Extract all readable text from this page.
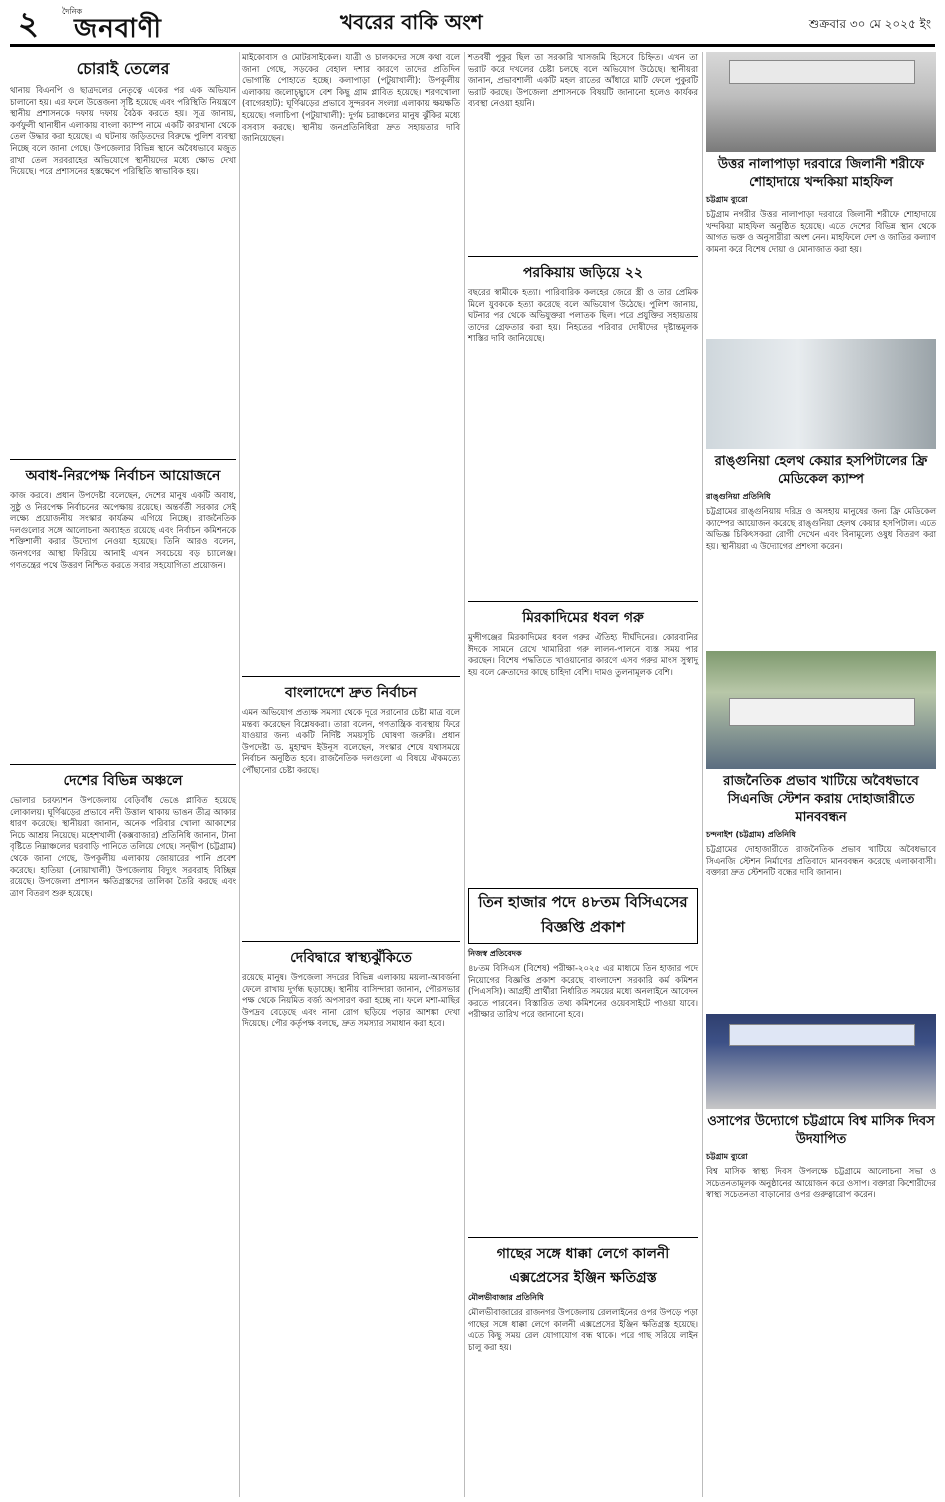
২	দৈনিক
জনবাণী	খবরের বাকি অংশ	শুক্রবার ৩০ মে ২০২৫ ইং
চোরাই তেলের

থানায় বিএনপি ও ছাত্রদলের নেতৃত্বে একের পর এক অভিযান চালানো হয়। এর ফলে উত্তেজনা সৃষ্টি হয়েছে এবং পরিস্থিতি নিয়ন্ত্রণে স্থানীয় প্রশাসনকে দফায় দফায় বৈঠক করতে হয়। সূত্র জানায়, কর্ণফুলী থানাধীন এলাকায় বাংলা ক্যাম্প নামে একটি কারখানা থেকে তেল উদ্ধার করা হয়েছে। এ ঘটনায় জড়িতদের বিরুদ্ধে পুলিশ ব্যবস্থা নিচ্ছে বলে জানা গেছে। উপজেলার বিভিন্ন স্থানে অবৈধভাবে মজুত রাখা তেল সরবরাহের অভিযোগে স্থানীয়দের মধ্যে ক্ষোভ দেখা দিয়েছে। পরে প্রশাসনের হস্তক্ষেপে পরিস্থিতি স্বাভাবিক হয়।

অবাধ-নিরপেক্ষ নির্বাচন আয়োজনে

কাজ করবে। প্রধান উপদেষ্টা বলেছেন, দেশের মানুষ একটি অবাধ, সুষ্ঠু ও নিরপেক্ষ নির্বাচনের অপেক্ষায় রয়েছে। অন্তর্বর্তী সরকার সেই লক্ষ্যে প্রয়োজনীয় সংস্কার কার্যক্রম এগিয়ে নিচ্ছে। রাজনৈতিক দলগুলোর সঙ্গে আলোচনা অব্যাহত রয়েছে এবং নির্বাচন কমিশনকে শক্তিশালী করার উদ্যোগ নেওয়া হয়েছে। তিনি আরও বলেন, জনগণের আস্থা ফিরিয়ে আনাই এখন সবচেয়ে বড় চ্যালেঞ্জ। গণতন্ত্রের পথে উত্তরণ নিশ্চিত করতে সবার সহযোগিতা প্রয়োজন।

দেশের বিভিন্ন অঞ্চলে

ভোলার চরফ্যাশন উপজেলায় বেড়িবাঁধ ভেঙে প্লাবিত হয়েছে লোকালয়। ঘূর্ণিঝড়ের প্রভাবে নদী উত্তাল থাকায় ভাঙন তীব্র আকার ধারণ করেছে। স্থানীয়রা জানান, অনেক পরিবার খোলা আকাশের নিচে আশ্রয় নিয়েছে। মহেশখালী (কক্সবাজার) প্রতিনিধি জানান, টানা বৃষ্টিতে নিম্নাঞ্চলের ঘরবাড়ি পানিতে তলিয়ে গেছে। সন্দ্বীপ (চট্টগ্রাম) থেকে জানা গেছে, উপকূলীয় এলাকায় জোয়ারের পানি প্রবেশ করেছে। হাতিয়া (নোয়াখালী) উপজেলায় বিদ্যুৎ সরবরাহ বিচ্ছিন্ন রয়েছে। উপজেলা প্রশাসন ক্ষতিগ্রস্তদের তালিকা তৈরি করছে এবং ত্রাণ বিতরণ শুরু হয়েছে।

মাইকোবাস ও মোটরসাইকেল। যাত্রী ও চালকদের সঙ্গে কথা বলে জানা গেছে, সড়কের বেহাল দশার কারণে তাদের প্রতিদিন ভোগান্তি পোহাতে হচ্ছে। কলাপাড়া (পটুয়াখালী): উপকূলীয় এলাকায় জলোচ্ছ্বাসে বেশ কিছু গ্রাম প্লাবিত হয়েছে। শরণখোলা (বাগেরহাট): ঘূর্ণিঝড়ের প্রভাবে সুন্দরবন সংলগ্ন এলাকায় ক্ষয়ক্ষতি হয়েছে। গলাচিপা (পটুয়াখালী): দুর্গম চরাঞ্চলের মানুষ ঝুঁকির মধ্যে বসবাস করছে। স্থানীয় জনপ্রতিনিধিরা দ্রুত সহায়তার দাবি জানিয়েছেন।

বাংলাদেশে দ্রুত নির্বাচন

এমন অভিযোগ প্রত্যক্ষ সমস্যা থেকে দূরে সরানোর চেষ্টা মাত্র বলে মন্তব্য করেছেন বিশ্লেষকরা। তারা বলেন, গণতান্ত্রিক ব্যবস্থায় ফিরে যাওয়ার জন্য একটি নির্দিষ্ট সময়সূচি ঘোষণা জরুরি। প্রধান উপদেষ্টা ড. মুহাম্মদ ইউনূস বলেছেন, সংস্কার শেষে যথাসময়ে নির্বাচন অনুষ্ঠিত হবে। রাজনৈতিক দলগুলো এ বিষয়ে ঐকমত্যে পৌঁছানোর চেষ্টা করছে।

দেবিদ্বারে স্বাস্থ্যঝুঁকিতে

রয়েছে মানুষ। উপজেলা সদরের বিভিন্ন এলাকায় ময়লা-আবর্জনা ফেলে রাখায় দুর্গন্ধ ছড়াচ্ছে। স্থানীয় বাসিন্দারা জানান, পৌরসভার পক্ষ থেকে নিয়মিত বর্জ্য অপসারণ করা হচ্ছে না। ফলে মশা-মাছির উপদ্রব বেড়েছে এবং নানা রোগ ছড়িয়ে পড়ার আশঙ্কা দেখা দিয়েছে। পৌর কর্তৃপক্ষ বলছে, দ্রুত সমস্যার সমাধান করা হবে।

শতবর্ষী পুকুর ছিল তা সরকারি খাসজমি হিসেবে চিহ্নিত। এখন তা ভরাট করে দখলের চেষ্টা চলছে বলে অভিযোগ উঠেছে। স্থানীয়রা জানান, প্রভাবশালী একটি মহল রাতের আঁধারে মাটি ফেলে পুকুরটি ভরাট করছে। উপজেলা প্রশাসনকে বিষয়টি জানানো হলেও কার্যকর ব্যবস্থা নেওয়া হয়নি।

পরকিয়ায় জড়িয়ে ২২

বছরের স্বামীকে হত্যা। পারিবারিক কলহের জেরে স্ত্রী ও তার প্রেমিক মিলে যুবককে হত্যা করেছে বলে অভিযোগ উঠেছে। পুলিশ জানায়, ঘটনার পর থেকে অভিযুক্তরা পলাতক ছিল। পরে প্রযুক্তির সহায়তায় তাদের গ্রেফতার করা হয়। নিহতের পরিবার দোষীদের দৃষ্টান্তমূলক শাস্তির দাবি জানিয়েছে।

মিরকাদিমের ধবল গরু

মুন্সীগঞ্জের মিরকাদিমের ধবল গরুর ঐতিহ্য দীর্ঘদিনের। কোরবানির ঈদকে সামনে রেখে খামারিরা গরু লালন-পালনে ব্যস্ত সময় পার করছেন। বিশেষ পদ্ধতিতে খাওয়ানোর কারণে এসব গরুর মাংস সুস্বাদু হয় বলে ক্রেতাদের কাছে চাহিদা বেশি। দামও তুলনামূলক বেশি।

তিন হাজার পদে ৪৮তম বিসিএসের বিজ্ঞপ্তি প্রকাশ
নিজস্ব প্রতিবেদক

৪৮তম বিসিএস (বিশেষ) পরীক্ষা-২০২৫ এর মাধ্যমে তিন হাজার পদে নিয়োগের বিজ্ঞপ্তি প্রকাশ করেছে বাংলাদেশ সরকারি কর্ম কমিশন (পিএসসি)। আগ্রহী প্রার্থীরা নির্ধারিত সময়ের মধ্যে অনলাইনে আবেদন করতে পারবেন। বিস্তারিত তথ্য কমিশনের ওয়েবসাইটে পাওয়া যাবে। পরীক্ষার তারিখ পরে জানানো হবে।

গাছের সঙ্গে ধাক্কা লেগে কালনী এক্সপ্রেসের ইঞ্জিন ক্ষতিগ্রস্ত
মৌলভীবাজার প্রতিনিধি

মৌলভীবাজারের রাজনগর উপজেলায় রেললাইনের ওপর উপড়ে পড়া গাছের সঙ্গে ধাক্কা লেগে কালনী এক্সপ্রেসের ইঞ্জিন ক্ষতিগ্রস্ত হয়েছে। এতে কিছু সময় রেল যোগাযোগ বন্ধ থাকে। পরে গাছ সরিয়ে লাইন চালু করা হয়।

উত্তর নালাপাড়া দরবারে জিলানী শরীফে শোহাদায়ে খন্দকিয়া মাহফিল
চট্টগ্রাম ব্যুরো

চট্টগ্রাম নগরীর উত্তর নালাপাড়া দরবারে জিলানী শরীফে শোহাদায়ে খন্দকিয়া মাহফিল অনুষ্ঠিত হয়েছে। এতে দেশের বিভিন্ন স্থান থেকে আগত ভক্ত ও অনুসারীরা অংশ নেন। মাহফিলে দেশ ও জাতির কল্যাণ কামনা করে বিশেষ দোয়া ও মোনাজাত করা হয়।

রাঙ্গুনিয়া হেলথ কেয়ার হসপিটালের ফ্রি মেডিকেল ক্যাম্প
রাঙ্গুনিয়া প্রতিনিধি

চট্টগ্রামের রাঙ্গুনিয়ায় দরিদ্র ও অসহায় মানুষের জন্য ফ্রি মেডিকেল ক্যাম্পের আয়োজন করেছে রাঙ্গুনিয়া হেলথ কেয়ার হসপিটাল। এতে অভিজ্ঞ চিকিৎসকরা রোগী দেখেন এবং বিনামূল্যে ওষুধ বিতরণ করা হয়। স্থানীয়রা এ উদ্যোগের প্রশংসা করেন।

রাজনৈতিক প্রভাব খাটিয়ে অবৈধভাবে সিএনজি স্টেশন করায় দোহাজারীতে মানববন্ধন
চন্দনাইশ (চট্টগ্রাম) প্রতিনিধি

চট্টগ্রামের দোহাজারীতে রাজনৈতিক প্রভাব খাটিয়ে অবৈধভাবে সিএনজি স্টেশন নির্মাণের প্রতিবাদে মানববন্ধন করেছে এলাকাবাসী। বক্তারা দ্রুত স্টেশনটি বন্ধের দাবি জানান।

ওসাপের উদ্যোগে চট্টগ্রামে বিশ্ব মাসিক দিবস উদযাপিত
চট্টগ্রাম ব্যুরো

বিশ্ব মাসিক স্বাস্থ্য দিবস উপলক্ষে চট্টগ্রামে আলোচনা সভা ও সচেতনতামূলক অনুষ্ঠানের আয়োজন করে ওসাপ। বক্তারা কিশোরীদের স্বাস্থ্য সচেতনতা বাড়ানোর ওপর গুরুত্বারোপ করেন।
